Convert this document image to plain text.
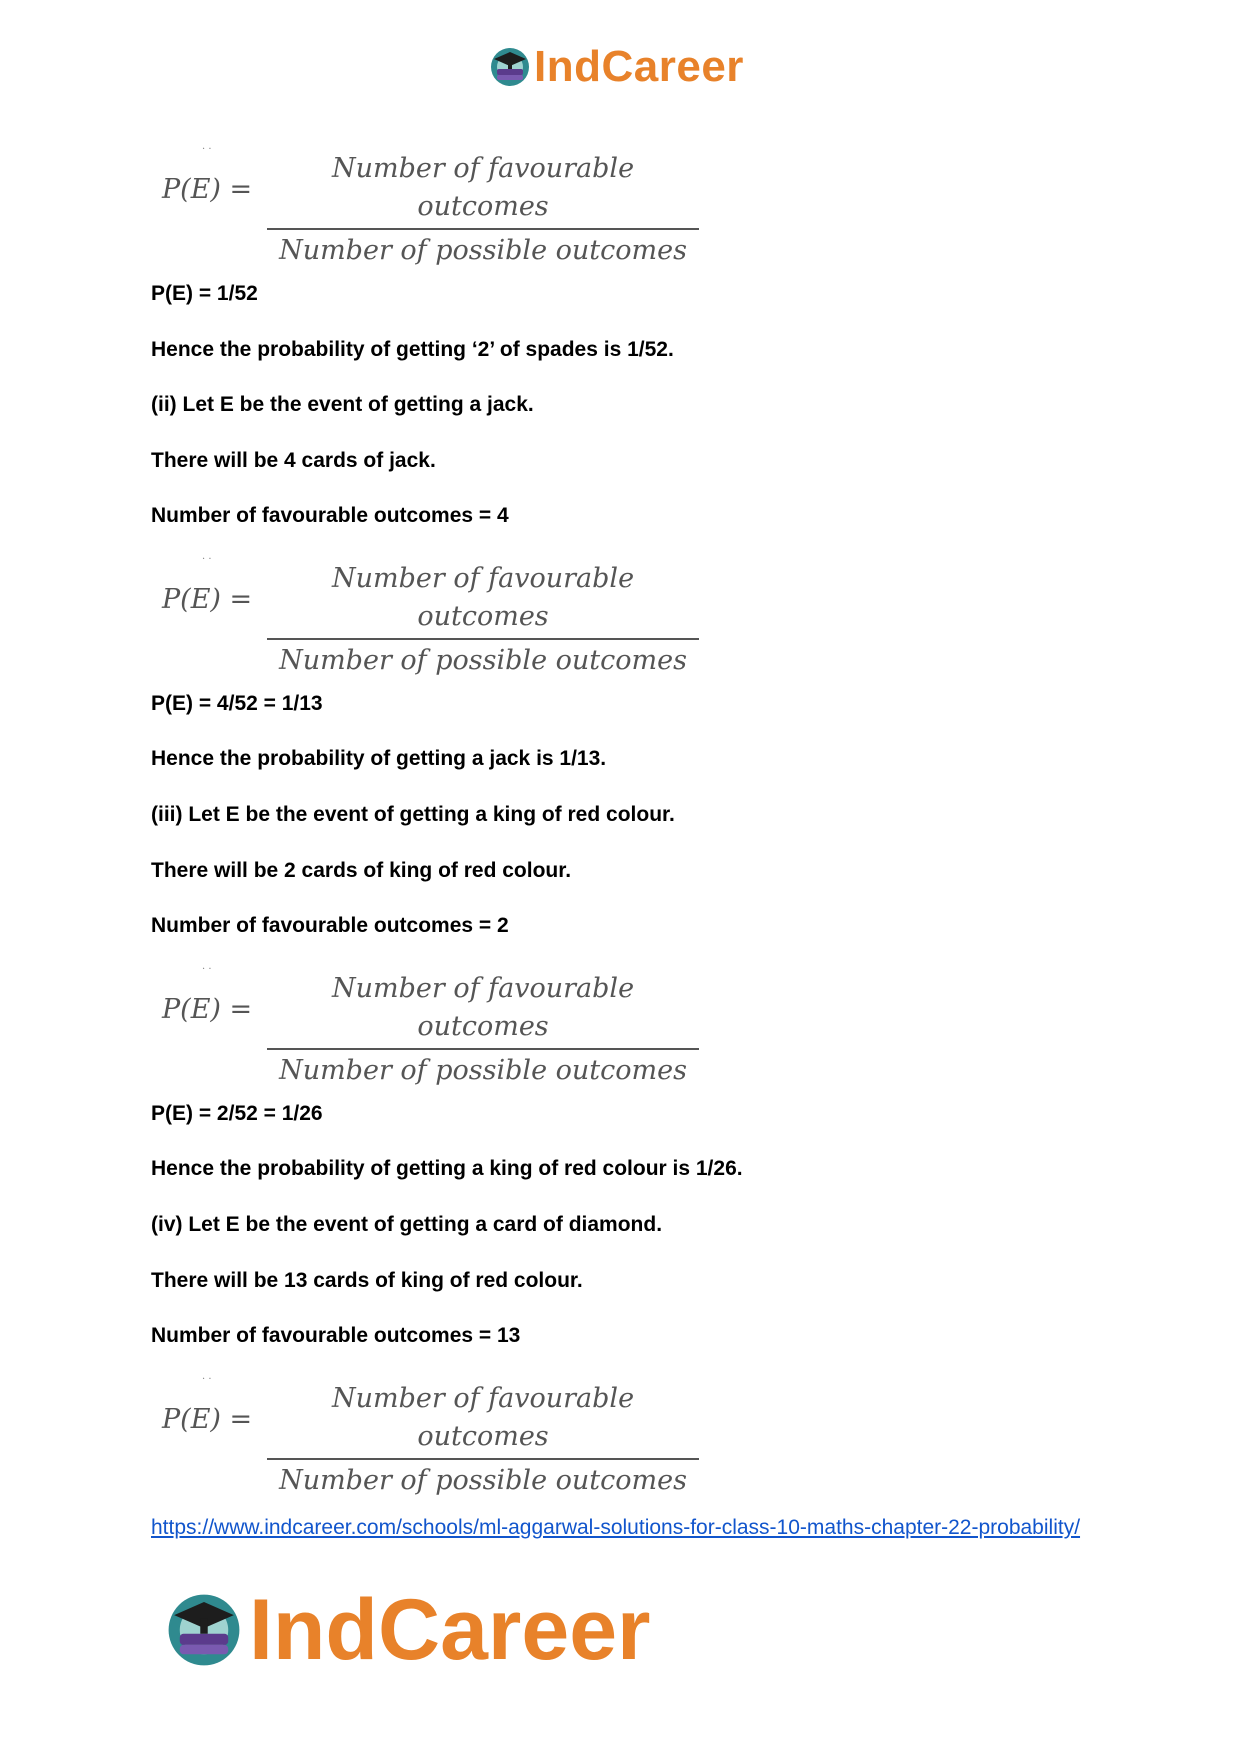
IndCareer
· ·
P(E) =
Number of favourable outcomes
Number of possible outcomes
P(E) = 1/52
Hence the probability of getting ‘2’ of spades is 1/52.
(ii) Let E be the event of getting a jack.
There will be 4 cards of jack.
Number of favourable outcomes = 4
· ·
P(E) =
Number of favourable outcomes
Number of possible outcomes
P(E) = 4/52 = 1/13
Hence the probability of getting a jack is 1/13.
(iii) Let E be the event of getting a king of red colour.
There will be 2 cards of king of red colour.
Number of favourable outcomes = 2
· ·
P(E) =
Number of favourable outcomes
Number of possible outcomes
P(E) = 2/52 = 1/26
Hence the probability of getting a king of red colour is 1/26.
(iv) Let E be the event of getting a card of diamond.
There will be 13 cards of king of red colour.
Number of favourable outcomes = 13
· ·
P(E) =
Number of favourable outcomes
Number of possible outcomes
https://www.indcareer.com/schools/ml-aggarwal-solutions-for-class-10-maths-chapter-22-probability/
IndCareer
